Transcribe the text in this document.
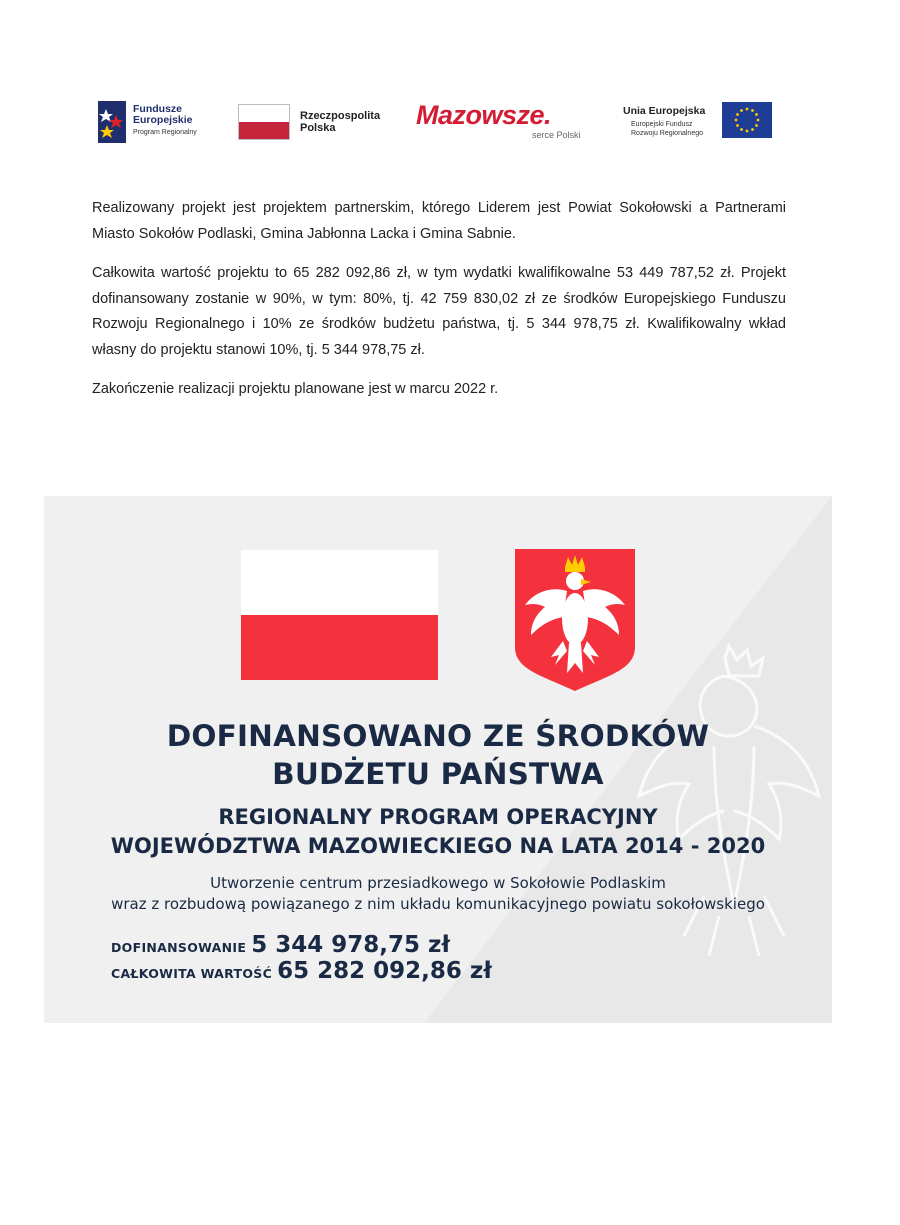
Fundusze
Europejskie
Program Regionalny
Rzeczpospolita
Polska	Mazowsze.
serce Polski
Unia Europejska
Europejski Fundusz
Rozwoju Regionalnego

Realizowany projekt jest projektem partnerskim, którego Liderem jest Powiat Sokołowski a Partnerami Miasto Sokołów Podlaski, Gmina Jabłonna Lacka i Gmina Sabnie.

Całkowita wartość projektu to 65 282 092,86 zł, w tym wydatki kwalifikowalne 53 449 787,52 zł. Projekt dofinansowany zostanie w 90%, w tym: 80%, tj. 42 759 830,02 zł ze środków Europejskiego Funduszu Rozwoju Regionalnego i 10% ze środków budżetu państwa, tj. 5 344 978,75 zł. Kwalifikowalny wkład własny do projektu stanowi 10%, tj. 5 344 978,75 zł.

Zakończenie realizacji projektu planowane jest w marcu 2022 r.

DOFINANSOWANO ZE ŚRODKÓW
BUDŻETU PAŃSTWA
REGIONALNY PROGRAM OPERACYJNY
WOJEWÓDZTWA MAZOWIECKIEGO NA LATA 2014 - 2020
Utworzenie centrum przesiadkowego w Sokołowie Podlaskim
wraz z rozbudową powiązanego z nim układu komunikacyjnego powiatu sokołowskiego
DOFINANSOWANIE 5 344 978,75 zł
CAŁKOWITA WARTOŚĆ 65 282 092,86 zł
